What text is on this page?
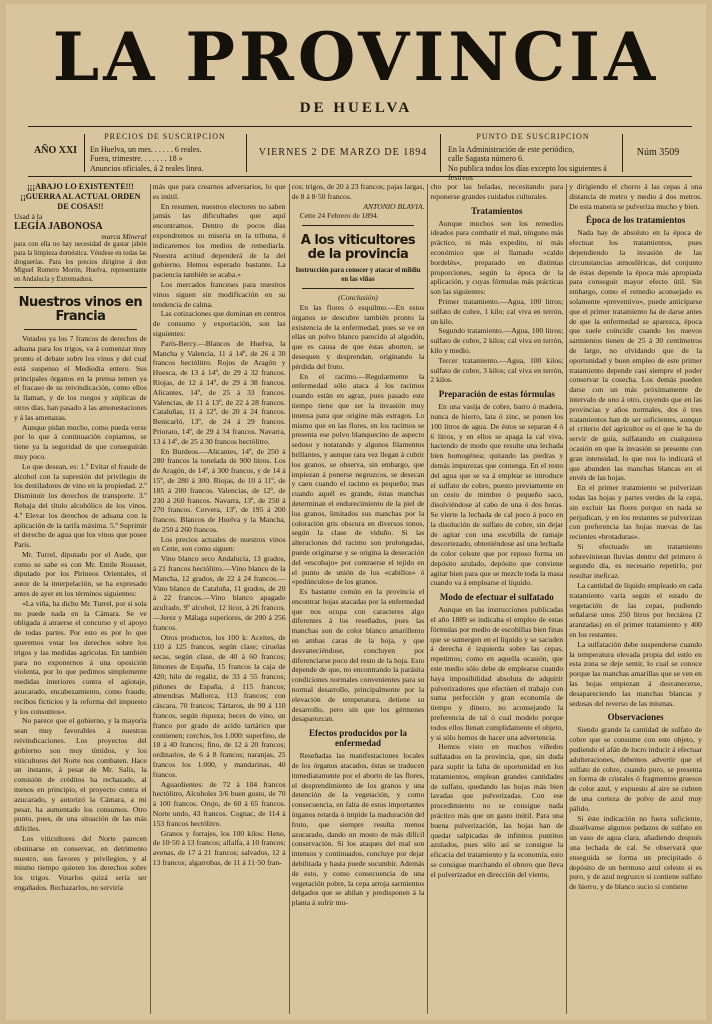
LA PROVINCIA
DE HUELVA
AÑO XXI
PRECIOS DE SUSCRIPCION
En Huelva, un mes. . . . . . 6 reales.
Fuera, trimestre. . . . . . . 18 »
Anuncios oficiales, á 2 reales linea.
VIERNES 2 DE MARZO DE 1894
PUNTO DE SUSCRIPCION
En la Administración de este periódico,
calle Sagasta número 6.
No publica todos los días excepto los siguientes á festivos
Núm 3509
¡¡¡ABAJO LO EXISTENTE!!!
¡¡GUERRA AL ACTUAL ORDEN DE COSAS!!

Usad á la

LEGÍA JABONOSA

marca Mineral

para con ella no hay necesidad de gastar jabón para la limpieza doméstica. Véndese en todas las droguerías. Para los precios dirigirse á don Miguel Romero Morón, Huelva, representante en Andalucía y Extremadura.

Nuestros vinos en Francia

Votados ya los 7 francos de derechos de aduana para los trigos, va á comenzar muy pronto el debate sobre los vinos y del cual está suspenso el Mediodia entero. Sus principales órganos en la prensa temen ya el fracaso de su reivindicación, como ellos la llaman, y de los ruegos y súplicas de otros días, han pasado á las amonestaciones y á las amenazas.

Aunque pidan mucho, como pueda verse por lo que á continuación copiamos, se tiene ya la seguridad de que conseguirán muy poco.

Lo que desean, es: 1.º Evitar el fraude de alcohol con la supresión del privilegio de los destiladores de vino en la propiedad. 2.º Disminuir los derechos de transporte. 3.º Rebaja del título alcohólico de los vinos. 4.º Elevar los derechos de aduana con la aplicación de la tarifa máxima. 5.º Suprimir el derecho de agua que los vinos que posee París.

Mr. Turrel, diputado por el Aude, que como se sabe es con Mr. Emile Rousset, diputado por los Pirineos Orientales, el autor de la interpelación, se ha expresado antes de ayer en los términos siguientes:

«La viña, ha dicho Mr. Turrel, por sí sola no puede nada en la Cámara. Se ve obligada á atraerse el concurso y el apoyo de todas partes. Por esto es por lo que queremos votar los derechos sobre los trigos y las medidas agrícolas. En también para no exponernos á una oposición violenta, por lo que pedimos simplemente medidas interiores contra el agiotaje, azucarado, encabezamiento, como fraude, recibos ficticios y la reforma del impuesto y los consumos».

No parece que el gobierno, y la mayoría sean muy favorables á nuestras reivindicaciones. Los proyectos del gobierno son muy tímidos, y los viticultores del Norte nos combaten. Hace un instante, á pesar de Mr. Salís, la comisión de créditos ha rechazado, al menos en principio, el proyecto contra el azucarado, y autorizó la Cámara, a mi pesar, ha aumentado los consumos. Otro punto, pues, de una situación de las más difíciles.

Los viticultores del Norte parecen obstinarse en conservar, en detrimento nuestro, sus favores y privilegios, y al mismo tiempo quieren los derechos sobre los trigos. Votarlos quizá sería ser engañados. Rechazarlos, no serviría

más que para crearnos adversarios, lo que es inútil.

En resumen, nuestros electores no saben jamás las dificultades que aquí encontramos. Dentro de pocos días expondremos su miseria en la tribuna, é indicaremos los medios de remediarla. Nuestra actitud dependerá de la del gobierno. Hemos esperado bastante. La paciencia también se acaba.»

Los mercados franceses para nuestros vinos siguen sin modificación en su tendencia de calma.

Las cotizaciones que dominan en centros de consumo y exportación, son las siguientes:

París-Bercy.—Blancos de Huelva, la Mancha y Valencia, 11 á 14º, de 26 á 30 francos hectólitro. Rojos de Aragón y Huesca, de 13 á 14º, de 29 á 32 francos. Riojas, de 12 á 14º, de 29 á 38 francos. Alicantes, 14º, de 25 á 33 francos. Valencias, de 11 á 13º, de 22 á 28 francos. Cataluñas, 11 á 12º, de 20 á 24 francos. Benicarló, 13º, de 24 á 29 francos. Priorato, 14º, de 29 á 34 francos. Navarra, 13 á 14º, de 25 á 30 francos hectólitro.

En Burdeos.—Alicantes, 14º, de 250 á 280 francos la tonelada de 900 litros. Los de Aragón, de 14º, á 300 francos, y de 14 á 15º, de 280 á 300. Riojas, de 10 á 11º, de 185 á 200 francos. Valencias, de 12º, de 230 á 260 francos. Navarra, 13º, de 250 á 270 francos. Cervera, 13º, de 195 á 200 francos. Blancos de Huelva y la Mancha, de 250 á 260 francos.

Los precios actuales de nuestros vinos en Cette, son como siguen:

Vino blanco seco Andalucía, 13 grados, á 21 francos hectólitro.—Vino blanco de la Mancha, 12 grados, de 22 á 24 francos.—Vino blanco de Cataluña, 11 grados, de 20 á 22 francos.—Vino blanco apagado azufrado, 9º alcohol, 12 licor, á 26 francos.—Jerez y Málaga superiores, de 200 á 256 francos.

Otros productos, los 100 k: Aceites, de 110 á 125 francos, según clase; ciruelas secas, según clase, de 40 á 60 francos; limones de España, 15 francos la caja de 420; hilo de regaliz, de 33 á 55 francos; piñones de España, á 115 francos; almendras Mallorca, 113 francos; con cáscara, 70 francos; Tártaros, de 90 á 110 francos, según riqueza; heces de vino, un franco por grado de acido tartárico que contienen; corchos, los 1.000: superfino, de 18 á 40 francos; fino, de 12 á 20 francos; ordinarios, de 6 á 8 francos; naranjas, 25 francos los 1.000, y mandarinas, 40 francos.

Aguardientes: de 72 á 104 francos hectólitro, Alcoholes 3/6 buen gusto, de 70 á 100 francos. Orujo, de 60 á 65 francos. Norte undo, 43 francos. Cognac, de 114 á 153 francos hectólitro.

Granos y forrajes, los 100 kilos: Heno, de 10·50 á 13 francos; alfalfa, á 10 francos; avenas, de 17 á 21 francos; salvados, 12 á 13 francos; algarrobas, de 11 á 11·50 fran-

cos; trigos, de 20 á 23 francos; pajas largas, de 8 á 8·50 francos.

ANTONIO BLAVIA.

Cette 24 Febrero de 1894.

A los viticultores de la provincia

Instrucción para conocer y atacar el mildiu en las viñas

(Conclusión)

En las flores ó esquilmo.—En estos órganos se descubre también pronto la existencia de la enfermedad, pues se ve en ellas un polvo blanco parecido al algodón, que es causa de que éstas aborten, se desequen y desprendan, originando la pérdida del fruto.

En el racimo.—Regularmente la enfermedad sólo ataca á los racimos cuando están en agraz, pues pasado este tiempo tiene que ser la invasión muy intensa para que origine más estragos. Lo mismo que en las flores, en los racimos se presenta ese polvo blanquecino de aspecto sedoso y notarando y algunos filamentos brillantes, y aunque rara vez llegan á cubrir los granos, se observa, sin embargo, que impiezan á ponerse negruzcos, se desecan y caen cuando el racimo es pequeño; mas cuando aquél es grande, éstas manchas determinan el endurecimiento de la piel de los granos, limitados sus manchas por la coloración gris obscura en diversos tonos, según la clase de viduño. Si las alteraciones del racimo son prolongadas, puede originarse y se origina la desecación del «escobajo» por contraerse el tejido en el punto de unión de los «cabillos» ó «pedúnculos» de los granos.

Es bastante común en la provincia el encontrar hojas atacadas por la enfermedad que nos ocupa con caracteres algo diferentes á los reseñados, pues las manchas son de color blanco amarillento en ambas caras de la hoja, y que desvaneciéndose, concluyen por diferenciarse poco del resto de la hoja. Esto depende de que, no encontrando la parásita condiciones normales convenientes para su normal desarrollo, principalmente por la elevación de temperatura, detiene su desarrollo, pero sin que los gérmenes desaparezcan.

Efectos producidos por la enfermedad

Reseñadas las manifestaciones locales de los órganos atacados, éstas se traducen inmediatamente por el aborto de las flores, el desprendimiento de los granos y una detención de la vegetación, y como consecuencia, en falta de estos importantes órganos retarda ó impide la maduración del fruto, que siempre resulta menos azucarado, dando un mosto de más difícil conservación. Si los ataques del mal son intensos y continuados, concluye por dejar debilitada y hasta puede sucumbir. Además de esto, y como consecuencia de una vegetación pobre, la cepa arroja sarmientos delgados que se ahilan y predisponen á la planta á sufrir mu-

cho por las heladas, necesitando para reponerse grandes cuidados culturales.

Tratamientos

Aunque muchos son los remedios ideados para combatir el mal, ninguno más práctico, ni más expedito, ni más económico que el llamado «caldo bordelés», preparado en distintas proporciones, según la época de la aplicación, y cuyas fórmulas más prácticas son las siguientes:

Primer tratamiento.—Agua, 100 litros; sulfato de cobre, 1 kilo; cal viva en terrón, un kilo.

Segundo tratamiento.—Agua, 100 litros; sulfato de cobre, 2 kilos; cal viva en terrón, kilo y medio.

Tercer tratamiento.—Agua, 100 kilos; sulfato de cobre, 3 kilos; cal viva en terrón, 2 kilos.

Preparación de estas fórmulas

En una vasija de cobre, barro ó madera, nunca de hierro, lata ó zinc, se ponen los 100 litros de agua. De éstos se separan 4 ó 6 litros, y en ellos se apaga la cal viva, haciendo de modo que resulte una lechada bien homogénea; quitando las piedras y demás impurezas que contenga. En el resto del agua que se va á emplear se introduce el sulfato de cobre, puesto previamente en un cesto de mimbre ó pequeño saco, disolviéndose al cabo de una ó dos horas. Se vierte la lechada de cal poco á poco en la disolución de sulfato de cobre, sin dejar de agitar con una escobilla de ramaje descortezado, obteniéndose así una lechada de color celeste que por reposo forma un depósito azulado, depósito que conviene agitar bien para que se mezcle toda la masa cuando va á emplearse el líquido.

Modo de efectuar el sulfatado

Aunque en las instrucciones publicadas el año 1889 se indicaba el empleo de estas fórmulas por medio de escobillas bien finas que se sumergen en el líquido y se sacuden á derecha é izquierda sobre las cepas, repetimos; como en aquella ocasión, que este medio sólo debe de emplearse cuando haya imposibilidad absoluta de adquirir pulverizadores que efectúen el trabajo con suma perfección y gran economía de tiempo y dinero, no aconsejando la preferencia de tal ó cual modelo porque todos ellos llenan cumplidamente el objeto, y si sólo hemos de hacer una advertencia.

Hemos visto en muchos viñedos sulfatados en la provincia, que, sin duda para suplir la falta de oportunidad en los tratamientos, emplean grandes cantidades de sulfato, quedando las hojas más bien lavadas que pulverizadas. Con ese procedimiento no se consigue nada práctico más que un gasto inútil. Para una buena pulverización, las hojas han de quedar salpicadas de infinitos puntitos azulados, pues sólo así se consigue la eficacia del tratamiento y la economía, esto se consigue marchando el obrero que lleva el pulverizador en dirección del viento,

y dirigiendo el chorro á las cepas á una distancia de metro y medio á dos metros. De esta manera se pulveriza mucho y bien.

Época de los tratamientos

Nada hay de absoluto en la época de efectuar los tratamientos, pues dependiendo la invasión de las circunstancias atmosféricas, del conjunto de éstas depende la época más apropiada para conseguir mayor efecto útil. Sin embargo, como el remedio aconsejado es solamente «preventivo», puede anticiparse que el primer tratamiento ha de darse antes de que la enfermedad se aparezca, época que suele coincidir cuando los nuevos sarmientos tienen de 25 á 30 centímetros de largo, no olvidando que de la oportunidad y buen empleo de este primer tratamiento depende casi siempre el poder conservar la cosecha. Los demás pueden darse con un más próximamente de intervalo de uno á otro, cuyendo que en las provincias y años normales, dos ó tres tratamientos han de ser suficientes, aunque el criterio del agricultor es el que le ha de servir de guía, sulfatando en cualquiera ocasión en que la invasión se presente con gran intensidad, lo que nos lo indicará el que abunden las manchas blancas en el envés de las hojas.

En el primer tratamiento se pulverizan todas las hojas y partes verdes de la cepa, sin excluir las flores porque en nada se perjudican, y en los restantes se pulverizan con preferencia las hojas nuevas de las recientes «brotaduras».

Si efectuado un tratamiento sobrevinieran lluvias dentro del primero ó segundo día, es necesario repetirlo, por resultar ineficaz.

La cantidad de líquido empleado en cada tratamiento varía según el estado de vegetación de las cepas, pudiendo señalarse unos 250 litros por hectárea (2 aranzadas) en el primer tratamiento y 400 en los restantes.

La sulfatación debe suspenderse cuando la temperatura elevada propia del estío en esta zona se deje sentir, lo cual se conoce porque las manchas amarillas que se ven en las hojas empiezan á desvanecerse, desapareciendo las manchas blancas y sedosas del reverso de las mismas.

Observaciones

Siendo grande la cantidad de sulfato de cobre que se consume con este objeto, y pudiendo el afán de lucro inducir á efectuar adulteraciones, debemos advertir que el sulfato de cobre, cuando puro, se presenta en forma de cristales ó fragmentos gruesos de color azul, y expuesto al aire se cubren de una corteza de polvo de azul muy pálido.

Si éste indicación no fuera suficiente, disuélvanse algunos pedazos de sulfato en un vaso de agua clara, añadiendo después una lechada de cal. Se observará que enseguida se forma un precipitado ó depósito de un hermoso azul celeste si es puro, y de azul negruzco si contiene sulfato de hierro, y de blanco sucio si contiene
